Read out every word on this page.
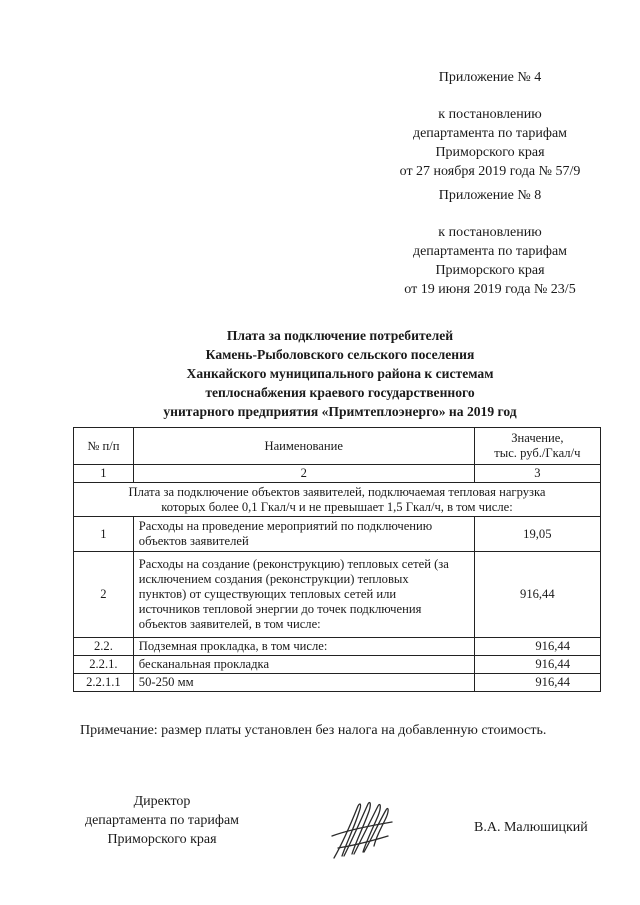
Приложение № 4
к постановлению
департамента по тарифам
Приморского края
от 27 ноября 2019 года № 57/9
Приложение № 8
к постановлению
департамента по тарифам
Приморского края
от 19 июня 2019 года № 23/5
Плата за подключение потребителей
Камень-Рыболовского сельского поселения
Ханкайского муниципального района к системам
теплоснабжения краевого государственного
унитарного предприятия «Примтеплоэнерго» на 2019 год
№ п/п	Наименование	Значение,
тыс. руб./Гкал/ч

1	2	3

Плата за подключение объектов заявителей, подключаемая тепловая нагрузка
которых более 0,1 Гкал/ч и не превышает 1,5 Гкал/ч, в том числе:		

1	Расходы на проведение мероприятий по подключению
объектов заявителей	19,05
2	Расходы на создание (реконструкцию) тепловых сетей (за
исключением создания (реконструкции) тепловых
пунктов) от существующих тепловых сетей или
источников тепловой энергии до точек подключения
объектов заявителей, в том числе:	916,44
2.2.	Подземная прокладка, в том числе:	916,44
2.2.1.	бесканальная прокладка	916,44
2.2.1.1	50-250 мм	916,44
Примечание: размер платы установлен без налога на добавленную стоимость.
Директор
департамента по тарифам
Приморского края
В.А. Малюшицкий
